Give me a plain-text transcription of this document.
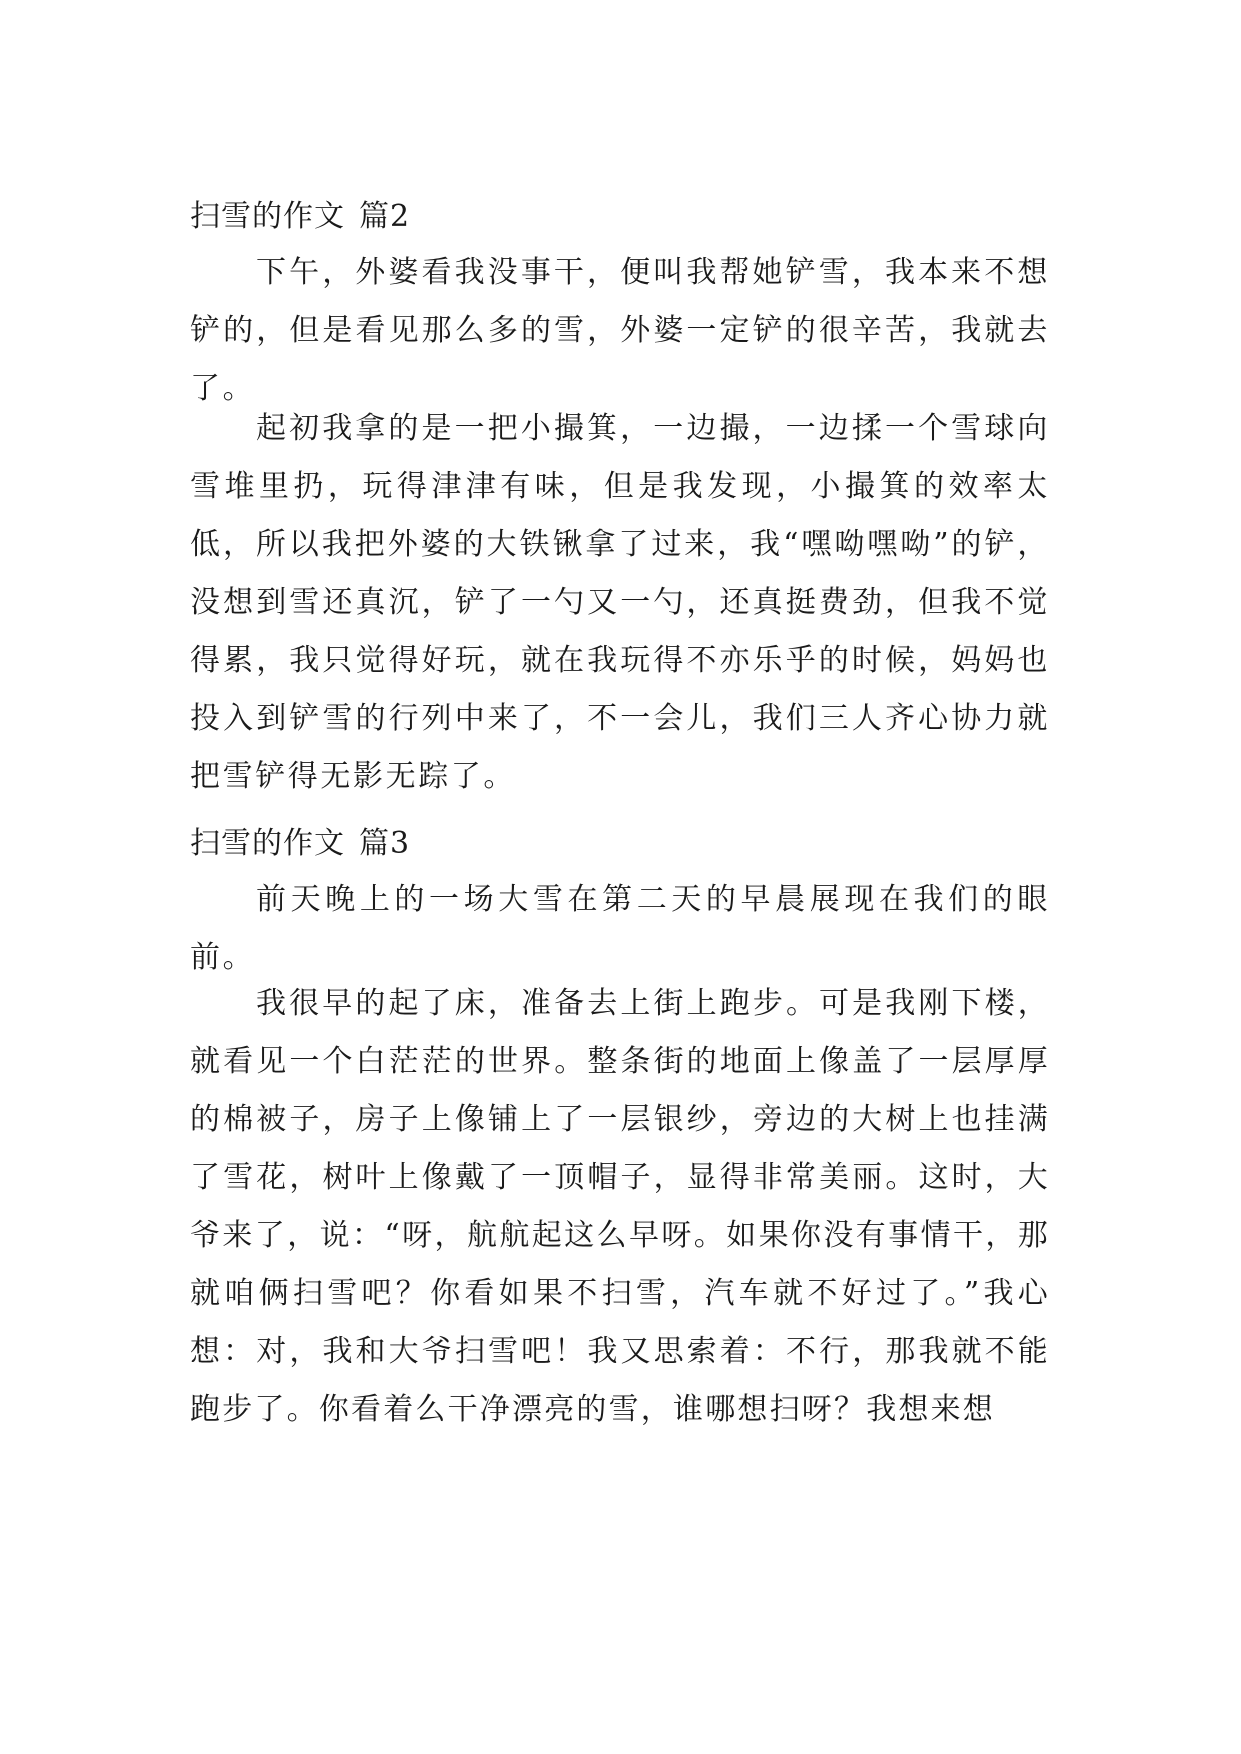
扫雪的作文 篇2

下午，外婆看我没事干，便叫我帮她铲雪，我本来不想铲的，但是看见那么多的雪，外婆一定铲的很辛苦，我就去了。

起初我拿的是一把小撮箕，一边撮，一边揉一个雪球向雪堆里扔，玩得津津有味，但是我发现，小撮箕的效率太低，所以我把外婆的大铁锹拿了过来，我“嘿呦嘿呦”的铲，没想到雪还真沉，铲了一勺又一勺，还真挺费劲，但我不觉得累，我只觉得好玩，就在我玩得不亦乐乎的时候，妈妈也投入到铲雪的行列中来了，不一会儿，我们三人齐心协力就把雪铲得无影无踪了。

扫雪的作文 篇3

前天晚上的一场大雪在第二天的早晨展现在我们的眼前。

我很早的起了床，准备去上街上跑步。可是我刚下楼，就看见一个白茫茫的世界。整条街的地面上像盖了一层厚厚的棉被子，房子上像铺上了一层银纱，旁边的大树上也挂满了雪花，树叶上像戴了一顶帽子，显得非常美丽。这时，大爷来了，说：“呀，航航起这么早呀。如果你没有事情干，那就咱俩扫雪吧？你看如果不扫雪，汽车就不好过了。”我心想：对，我和大爷扫雪吧！我又思索着：不行，那我就不能跑步了。你看着么干净漂亮的雪，谁哪想扫呀？我想来想
